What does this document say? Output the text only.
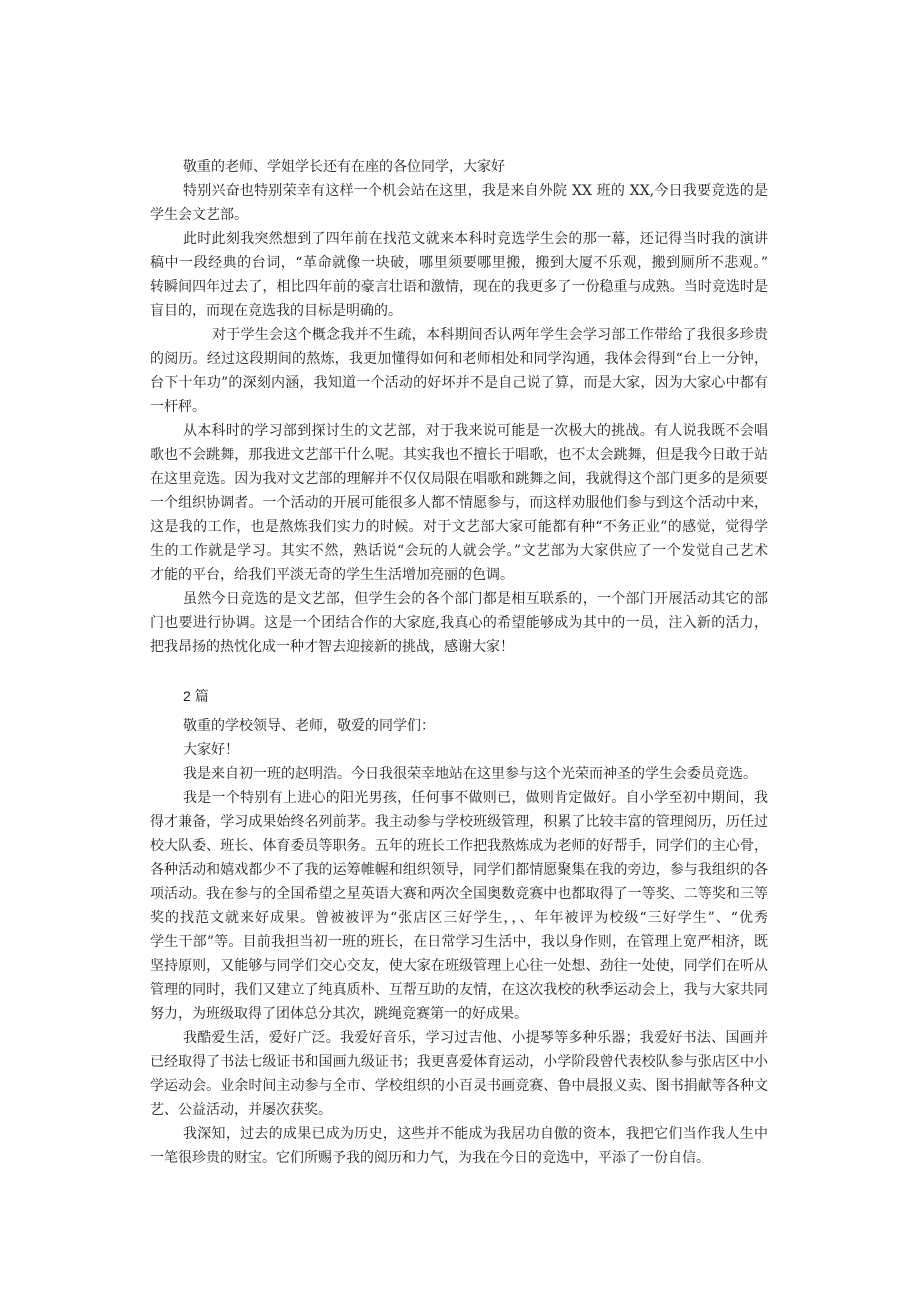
敬重的老师、学姐学长还有在座的各位同学，大家好
特别兴奋也特别荣幸有这样一个机会站在这里，我是来自外院 XX 班的 XX,今日我要竞选的是
学生会文艺部。
此时此刻我突然想到了四年前在找范文就来本科时竞选学生会的那一幕，还记得当时我的演讲
稿中一段经典的台词，“革命就像一块破，哪里须要哪里搬，搬到大厦不乐观，搬到厕所不悲观。”
转瞬间四年过去了，相比四年前的豪言壮语和激情，现在的我更多了一份稳重与成熟。当时竞选时是
盲目的，而现在竞选我的目标是明确的。
对于学生会这个概念我并不生疏，本科期间否认两年学生会学习部工作带给了我很多珍贵
的阅历。经过这段期间的熬炼，我更加懂得如何和老师相处和同学沟通，我体会得到“台上一分钟，
台下十年功”的深刻内涵，我知道一个活动的好坏并不是自己说了算，而是大家，因为大家心中都有
一杆秤。
从本科时的学习部到探讨生的文艺部，对于我来说可能是一次极大的挑战。有人说我既不会唱
歌也不会跳舞，那我进文艺部干什么呢。其实我也不擅长于唱歌，也不太会跳舞，但是我今日敢于站
在这里竞选。因为我对文艺部的理解并不仅仅局限在唱歌和跳舞之间，我就得这个部门更多的是须要
一个组织协调者。一个活动的开展可能很多人都不情愿参与，而这样劝服他们参与到这个活动中来，
这是我的工作，也是熬炼我们实力的时候。对于文艺部大家可能都有种“不务正业”的感觉，觉得学
生的工作就是学习。其实不然，熟话说“会玩的人就会学。”文艺部为大家供应了一个发觉自己艺术
才能的平台，给我们平淡无奇的学生生活增加亮丽的色调。
虽然今日竞选的是文艺部，但学生会的各个部门都是相互联系的，一个部门开展活动其它的部
门也要进行协调。这是一个团结合作的大家庭,我真心的希望能够成为其中的一员，注入新的活力，
把我昂扬的热忱化成一种才智去迎接新的挑战，感谢大家！
2 篇
敬重的学校领导、老师，敬爱的同学们：
大家好！
我是来自初一班的赵明浩。今日我很荣幸地站在这里参与这个光荣而神圣的学生会委员竞选。
我是一个特别有上进心的阳光男孩，任何事不做则已，做则肯定做好。自小学至初中期间，我
得才兼备，学习成果始终名列前茅。我主动参与学校班级管理，积累了比较丰富的管理阅历，历任过
校大队委、班长、体育委员等职务。五年的班长工作把我熬炼成为老师的好帮手，同学们的主心骨，
各种活动和嬉戏都少不了我的运筹帷幄和组织领导，同学们都情愿聚集在我的旁边，参与我组织的各
项活动。我在参与的全国希望之星英语大赛和两次全国奥数竞赛中也都取得了一等奖、二等奖和三等
奖的找范文就来好成果。曾被被评为“张店区三好学生，，、年年被评为校级“三好学生”、“优秀
学生干部”等。目前我担当初一班的班长，在日常学习生活中，我以身作则，在管理上宽严相济，既
坚持原则，又能够与同学们交心交友，使大家在班级管理上心往一处想、劲往一处使，同学们在听从
管理的同时，我们又建立了纯真质朴、互帮互助的友情，在这次我校的秋季运动会上，我与大家共同
努力，为班级取得了团体总分其次，跳绳竞赛第一的好成果。
我酷爱生活，爱好广泛。我爱好音乐，学习过吉他、小提琴等多种乐器；我爱好书法、国画并
已经取得了书法七级证书和国画九级证书；我更喜爱体育运动，小学阶段曾代表校队参与张店区中小
学运动会。业余时间主动参与全市、学校组织的小百灵书画竞赛、鲁中晨报义卖、图书捐献等各种文
艺、公益活动，并屡次获奖。
我深知，过去的成果已成为历史，这些并不能成为我居功自傲的资本，我把它们当作我人生中
一笔很珍贵的财宝。它们所赐予我的阅历和力气，为我在今日的竞选中，平添了一份自信。
